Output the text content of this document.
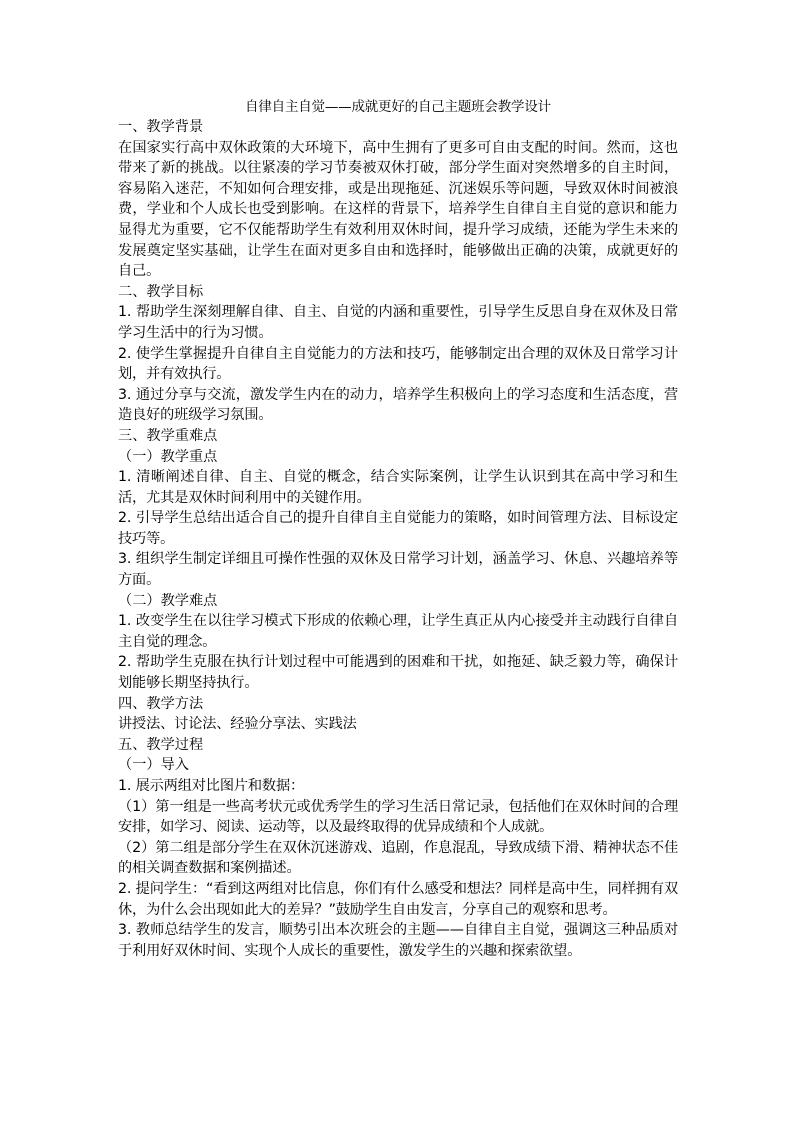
自律自主自觉——成就更好的自己主题班会教学设计

一、教学背景

在国家实行高中双休政策的大环境下，高中生拥有了更多可自由支配的时间。然而，这也带来了新的挑战。以往紧凑的学习节奏被双休打破，部分学生面对突然增多的自主时间，容易陷入迷茫，不知如何合理安排，或是出现拖延、沉迷娱乐等问题，导致双休时间被浪费，学业和个人成长也受到影响。在这样的背景下，培养学生自律自主自觉的意识和能力显得尤为重要，它不仅能帮助学生有效利用双休时间，提升学习成绩，还能为学生未来的发展奠定坚实基础，让学生在面对更多自由和选择时，能够做出正确的决策，成就更好的自己。

二、教学目标

1. 帮助学生深刻理解自律、自主、自觉的内涵和重要性，引导学生反思自身在双休及日常学习生活中的行为习惯。

2. 使学生掌握提升自律自主自觉能力的方法和技巧，能够制定出合理的双休及日常学习计划，并有效执行。

3. 通过分享与交流，激发学生内在的动力，培养学生积极向上的学习态度和生活态度，营造良好的班级学习氛围。

三、教学重难点

（一）教学重点

1. 清晰阐述自律、自主、自觉的概念，结合实际案例，让学生认识到其在高中学习和生活，尤其是双休时间利用中的关键作用。

2. 引导学生总结出适合自己的提升自律自主自觉能力的策略，如时间管理方法、目标设定技巧等。

3. 组织学生制定详细且可操作性强的双休及日常学习计划，涵盖学习、休息、兴趣培养等方面。

（二）教学难点

1. 改变学生在以往学习模式下形成的依赖心理，让学生真正从内心接受并主动践行自律自主自觉的理念。

2. 帮助学生克服在执行计划过程中可能遇到的困难和干扰，如拖延、缺乏毅力等，确保计划能够长期坚持执行。

四、教学方法

讲授法、讨论法、经验分享法、实践法

五、教学过程

（一）导入

1. 展示两组对比图片和数据：

（1）第一组是一些高考状元或优秀学生的学习生活日常记录，包括他们在双休时间的合理安排，如学习、阅读、运动等，以及最终取得的优异成绩和个人成就。

（2）第二组是部分学生在双休沉迷游戏、追剧，作息混乱，导致成绩下滑、精神状态不佳的相关调查数据和案例描述。

2. 提问学生：“看到这两组对比信息，你们有什么感受和想法？同样是高中生，同样拥有双休，为什么会出现如此大的差异？”鼓励学生自由发言，分享自己的观察和思考。

3. 教师总结学生的发言，顺势引出本次班会的主题——自律自主自觉，强调这三种品质对于利用好双休时间、实现个人成长的重要性，激发学生的兴趣和探索欲望。
